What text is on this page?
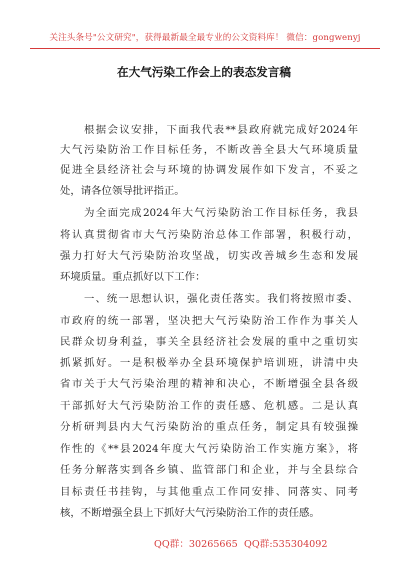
关注头条号"公文研究"，获得最新最全最专业的公文资料库！ 微信：gongwenyj
在大气污染工作会上的表态发言稿
根据会议安排，下面我代表**县政府就完成好2024年
大气污染防治工作目标任务，不断改善全县大气环境质量
促进全县经济社会与环境的协调发展作如下发言，不妥之
处，请各位领导批评指正。
为全面完成2024年大气污染防治工作目标任务，我县
将认真贯彻省市大气污染防治总体工作部署，积极行动，
强力打好大气污染防治攻坚战，切实改善城乡生态和发展
环境质量。重点抓好以下工作：
一、统一思想认识，强化责任落实。我们将按照市委、
市政府的统一部署，坚决把大气污染防治工作作为事关人
民群众切身利益，事关全县经济社会发展的重中之重切实
抓紧抓好。一是积极举办全县环境保护培训班，讲清中央
省市关于大气污染治理的精神和决心，不断增强全县各级
干部抓好大气污染防治工作的责任感、危机感。二是认真
分析研判县内大气污染防治的重点任务，制定具有较强操
作性的《**县2024年度大气污染防治工作实施方案》，将
任务分解落实到各乡镇、监管部门和企业，并与全县综合
目标责任书挂钩，与其他重点工作同安排、同落实、同考
核，不断增强全县上下抓好大气污染防治工作的责任感。
QQ群：30265665 QQ群:535304092
